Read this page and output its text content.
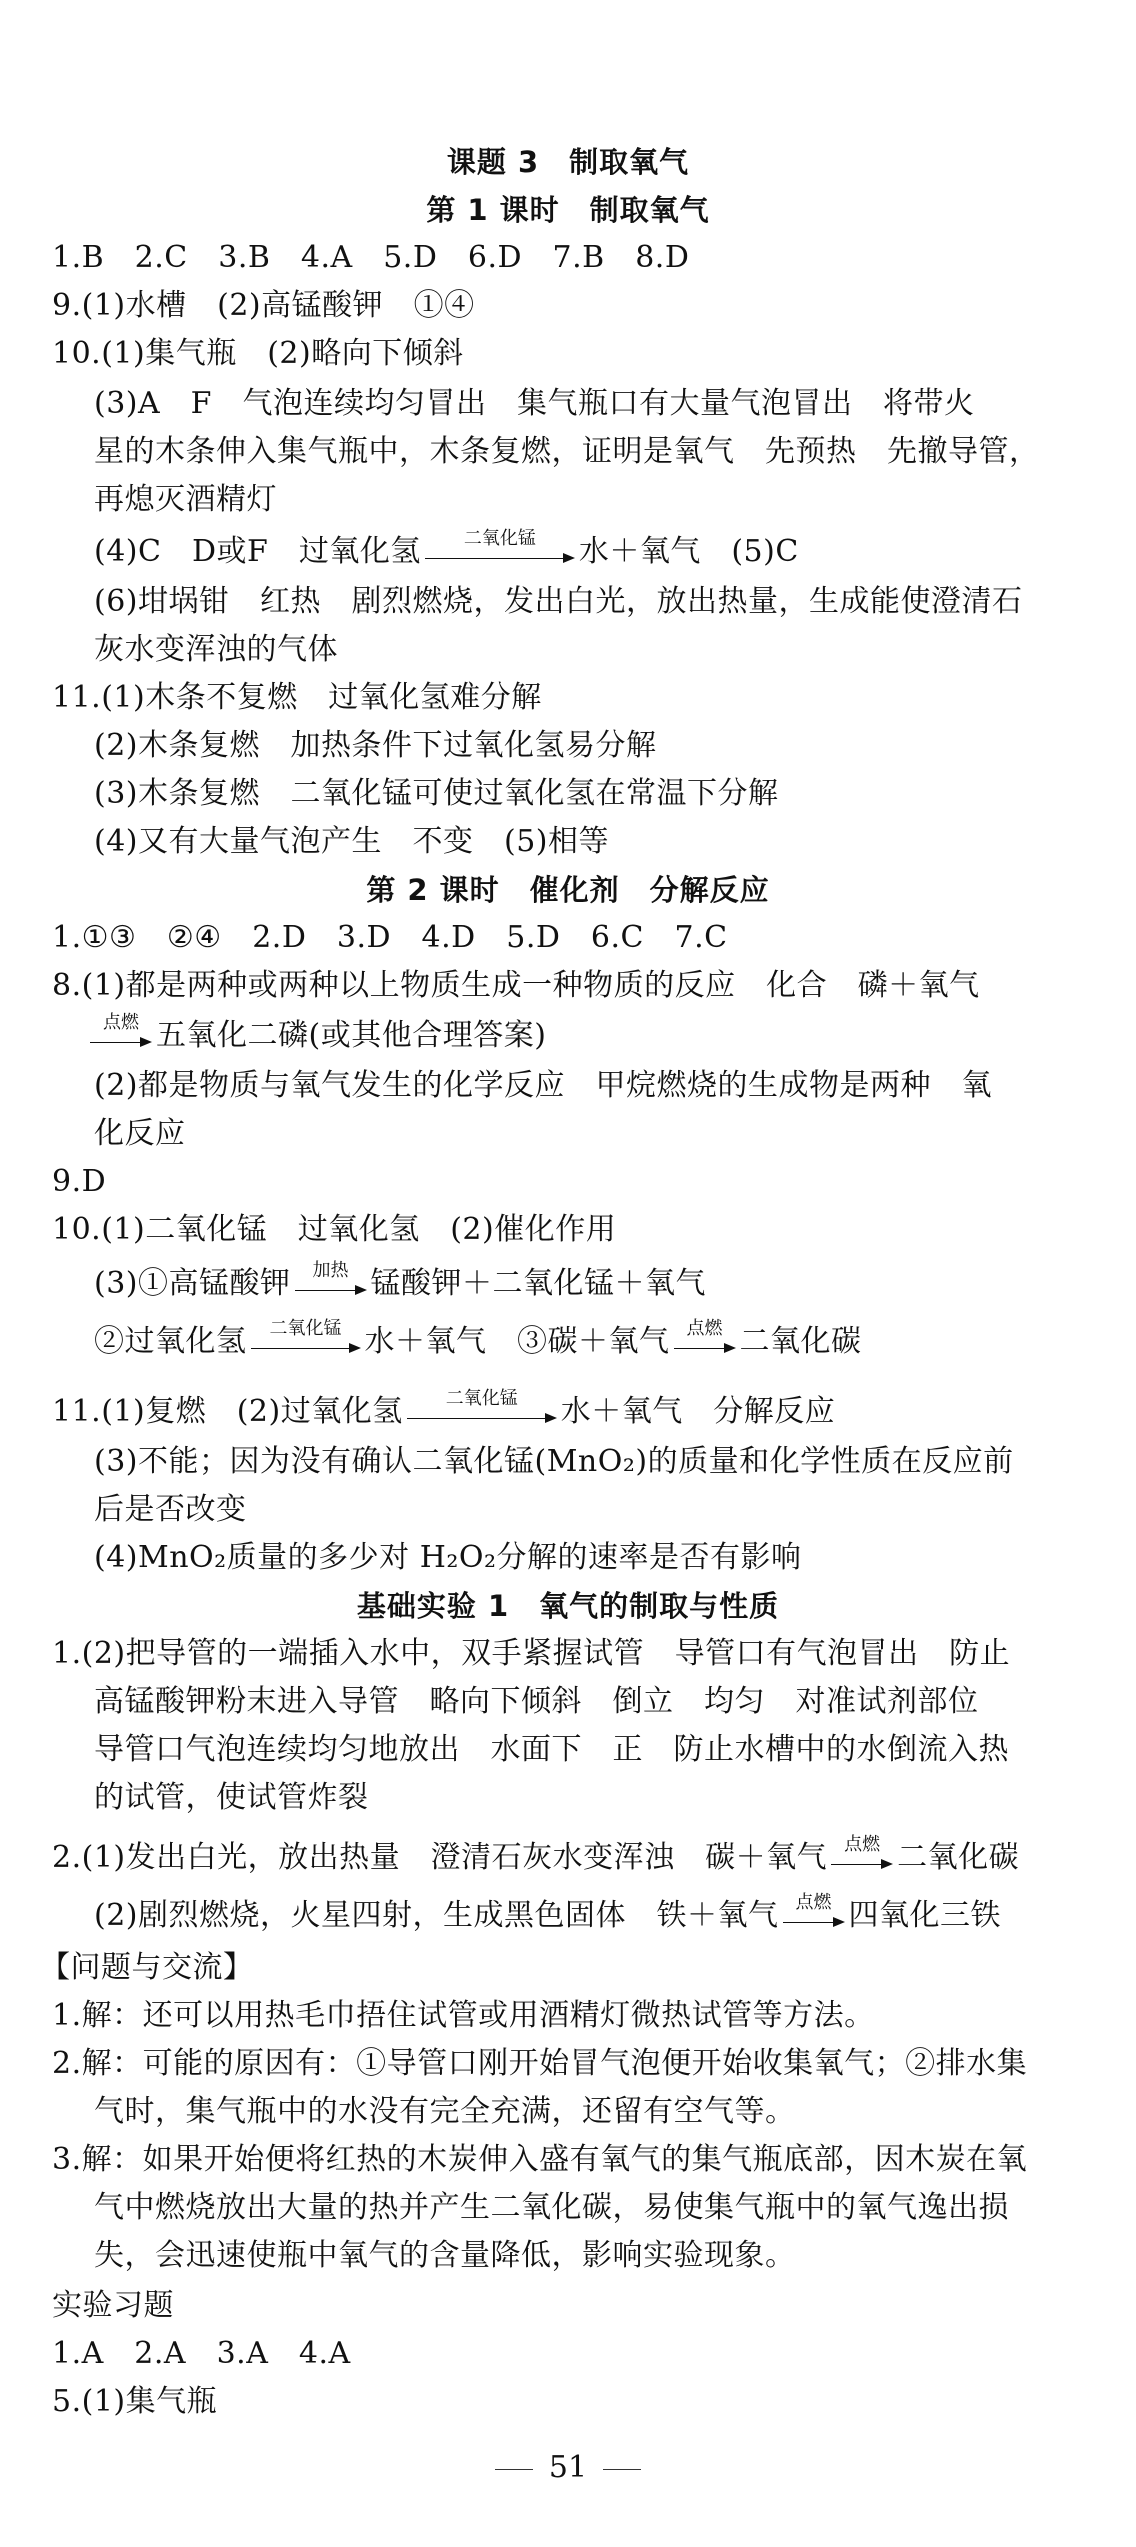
课题 3　制取氧气
第 1 课时　制取氧气
1.B　2.C　3.B　4.A　5.D　6.D　7.B　8.D
9.(1)水槽　(2)高锰酸钾　①④
10.(1)集气瓶　(2)略向下倾斜
(3)A　F　气泡连续均匀冒出　集气瓶口有大量气泡冒出　将带火
星的木条伸入集气瓶中，木条复燃，证明是氧气　先预热　先撤导管，
再熄灭酒精灯
(4)C　D或F　过氧化氢	二氧化锰	水＋氧气　(5)C
(6)坩埚钳　红热　剧烈燃烧，发出白光，放出热量，生成能使澄清石
灰水变浑浊的气体
11.(1)木条不复燃　过氧化氢难分解
(2)木条复燃　加热条件下过氧化氢易分解
(3)木条复燃　二氧化锰可使过氧化氢在常温下分解
(4)又有大量气泡产生　不变　(5)相等
第 2 课时　催化剂　分解反应
1.①③　②④　2.D　3.D　4.D　5.D　6.C　7.C
8.(1)都是两种或两种以上物质生成一种物质的反应　化合　磷＋氧气
点燃 五氧化二磷(或其他合理答案)
(2)都是物质与氧气发生的化学反应　甲烷燃烧的生成物是两种　氧
化反应
9.D
10.(1)二氧化锰　过氧化氢　(2)催化作用
(3)①高锰酸钾	加热 锰酸钾＋二氧化锰＋氧气
②过氧化氢	二氧化锰 水＋氧气　③碳＋氧气 点燃 二氧化碳
11.(1)复燃　(2)过氧化氢	二氧化锰	水＋氧气　分解反应
(3)不能；因为没有确认二氧化锰(MnO₂)的质量和化学性质在反应前
后是否改变
(4)MnO₂质量的多少对 H₂O₂分解的速率是否有影响
基础实验 1　氧气的制取与性质
1.(2)把导管的一端插入水中，双手紧握试管　导管口有气泡冒出　防止
高锰酸钾粉末进入导管　略向下倾斜　倒立　均匀　对准试剂部位
导管口气泡连续均匀地放出　水面下　正　防止水槽中的水倒流入热
的试管，使试管炸裂
2.(1)发出白光，放出热量　澄清石灰水变浑浊　碳＋氧气 点燃 二氧化碳
(2)剧烈燃烧，火星四射，生成黑色固体　铁＋氧气 点燃 四氧化三铁
【问题与交流】
1.解：还可以用热毛巾捂住试管或用酒精灯微热试管等方法。
2.解：可能的原因有：①导管口刚开始冒气泡便开始收集氧气；②排水集
气时，集气瓶中的水没有完全充满，还留有空气等。
3.解：如果开始便将红热的木炭伸入盛有氧气的集气瓶底部，因木炭在氧
气中燃烧放出大量的热并产生二氧化碳，易使集气瓶中的氧气逸出损
失，会迅速使瓶中氧气的含量降低，影响实验现象。
实验习题
1.A　2.A　3.A　4.A
5.(1)集气瓶
51
